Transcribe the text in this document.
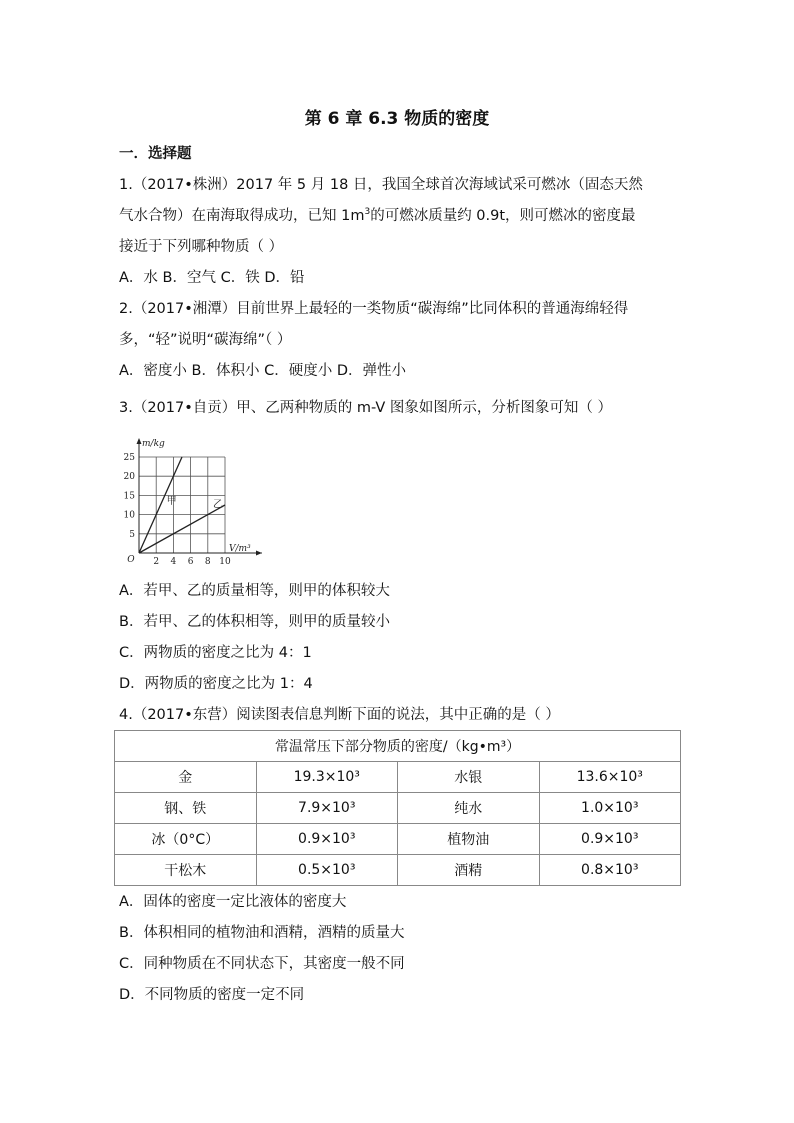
第 6 章 6.3 物质的密度
一．选择题
1.（2017•株洲）2017 年 5 月 18 日，我国全球首次海域试采可燃冰（固态天然
气水合物）在南海取得成功，已知 $1m^3$的可燃冰质量约 0.9t，则可燃冰的密度最
接近于下列哪种物质（ ）
A．水 B．空气 C．铁 D．铅
2.（2017•湘潭）目前世界上最轻的一类物质“碳海绵”比同体积的普通海绵轻得
多，“轻”说明“碳海绵”（ ）
A．密度小 B．体积小 C．硬度小 D．弹性小
3.（2017•自贡）甲、乙两种物质的 m-V 图象如图所示，分析图象可知（ ）
2 4 6 8 10
5
10
15
20
25
O
m/kg
V/m³
甲	乙
A．若甲、乙的质量相等，则甲的体积较大
B．若甲、乙的体积相等，则甲的质量较小
C．两物质的密度之比为 4：1
D．两物质的密度之比为 1：4
4.（2017•东营）阅读图表信息判断下面的说法，其中正确的是（ ）
常温常压下部分物质的密度/（kg•m³）			
金	19.3×10³	水银	13.6×10³
钢、铁	7.9×10³	纯水	1.0×10³
冰（0°C）	0.9×10³	植物油	0.9×10³
干松木	0.5×10³	酒精	0.8×10³
A．固体的密度一定比液体的密度大
B．体积相同的植物油和酒精，酒精的质量大
C．同种物质在不同状态下，其密度一般不同
D．不同物质的密度一定不同
